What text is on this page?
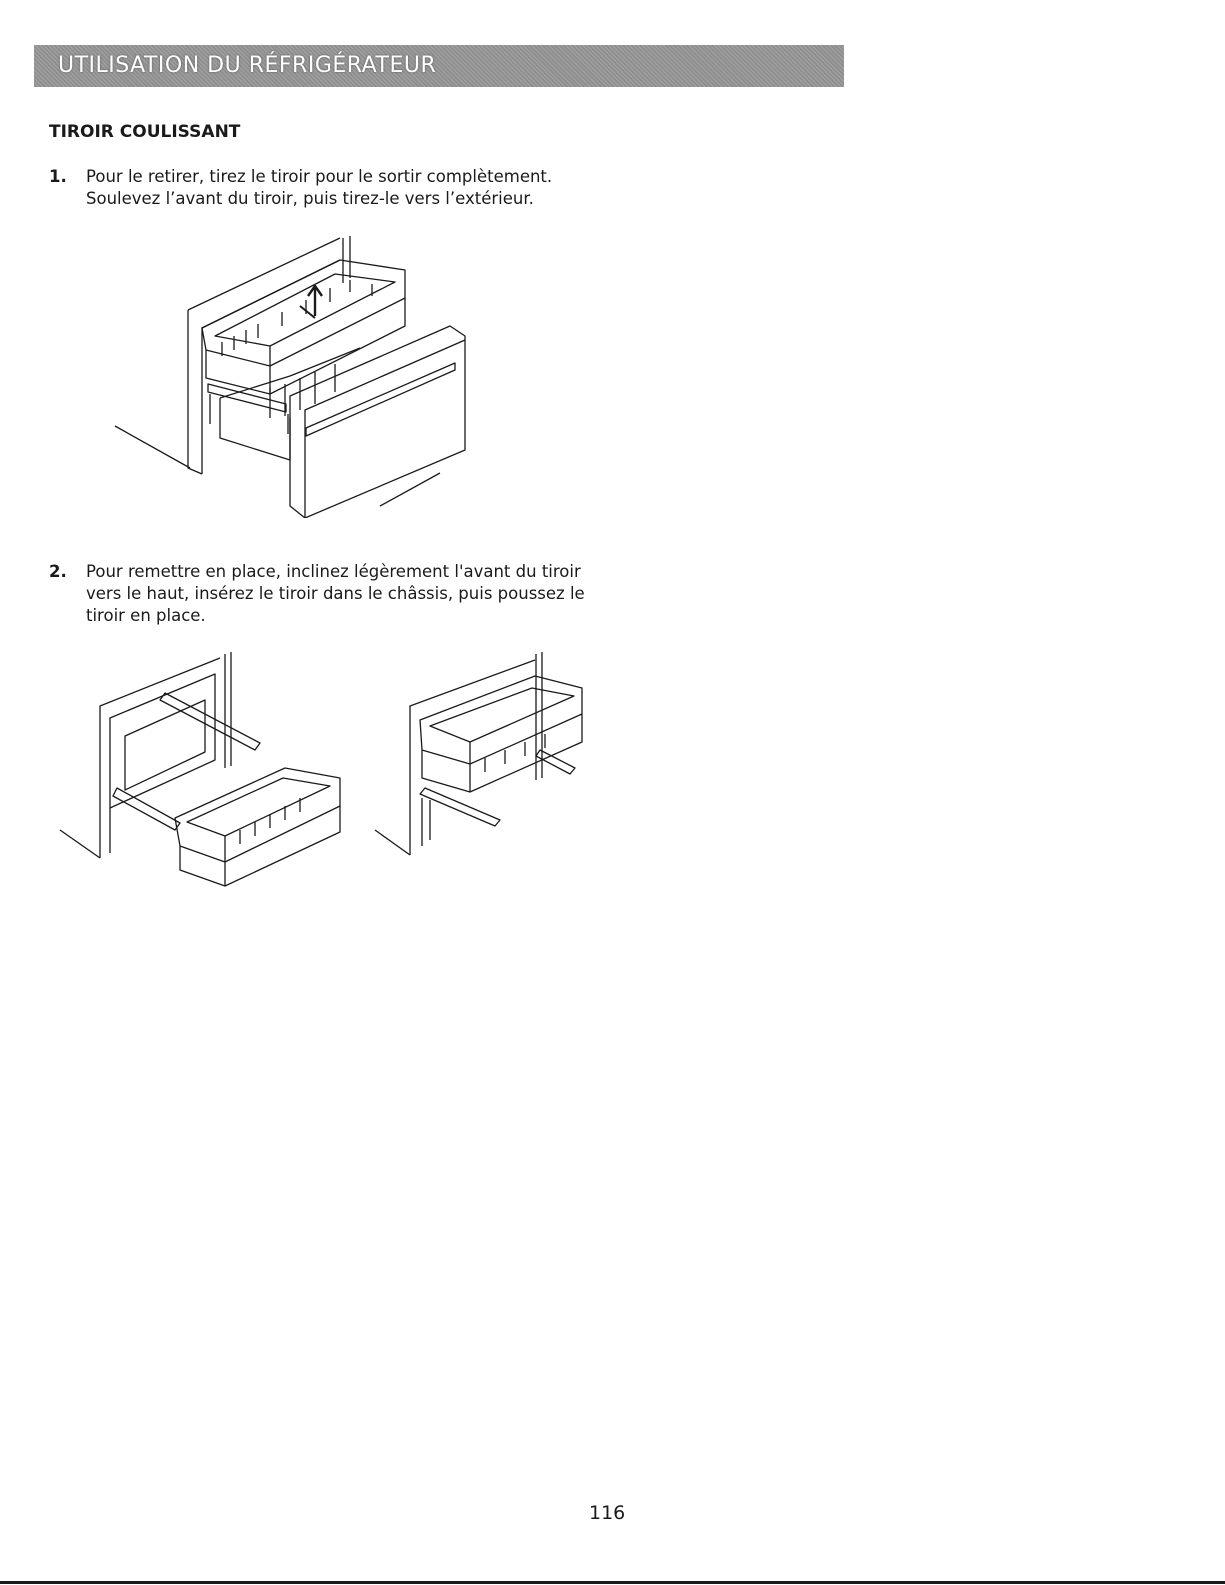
UTILISATION DU RÉFRIGÉRATEUR
TIROIR COULISSANT
1. Pour le retirer, tirez le tiroir pour le sortir complètement. Soulevez l’avant du tiroir, puis tirez-le vers l’extérieur.
2. Pour remettre en place, inclinez légèrement l'avant du tiroir vers le haut, insérez le tiroir dans le châssis, puis poussez le tiroir en place.
116
